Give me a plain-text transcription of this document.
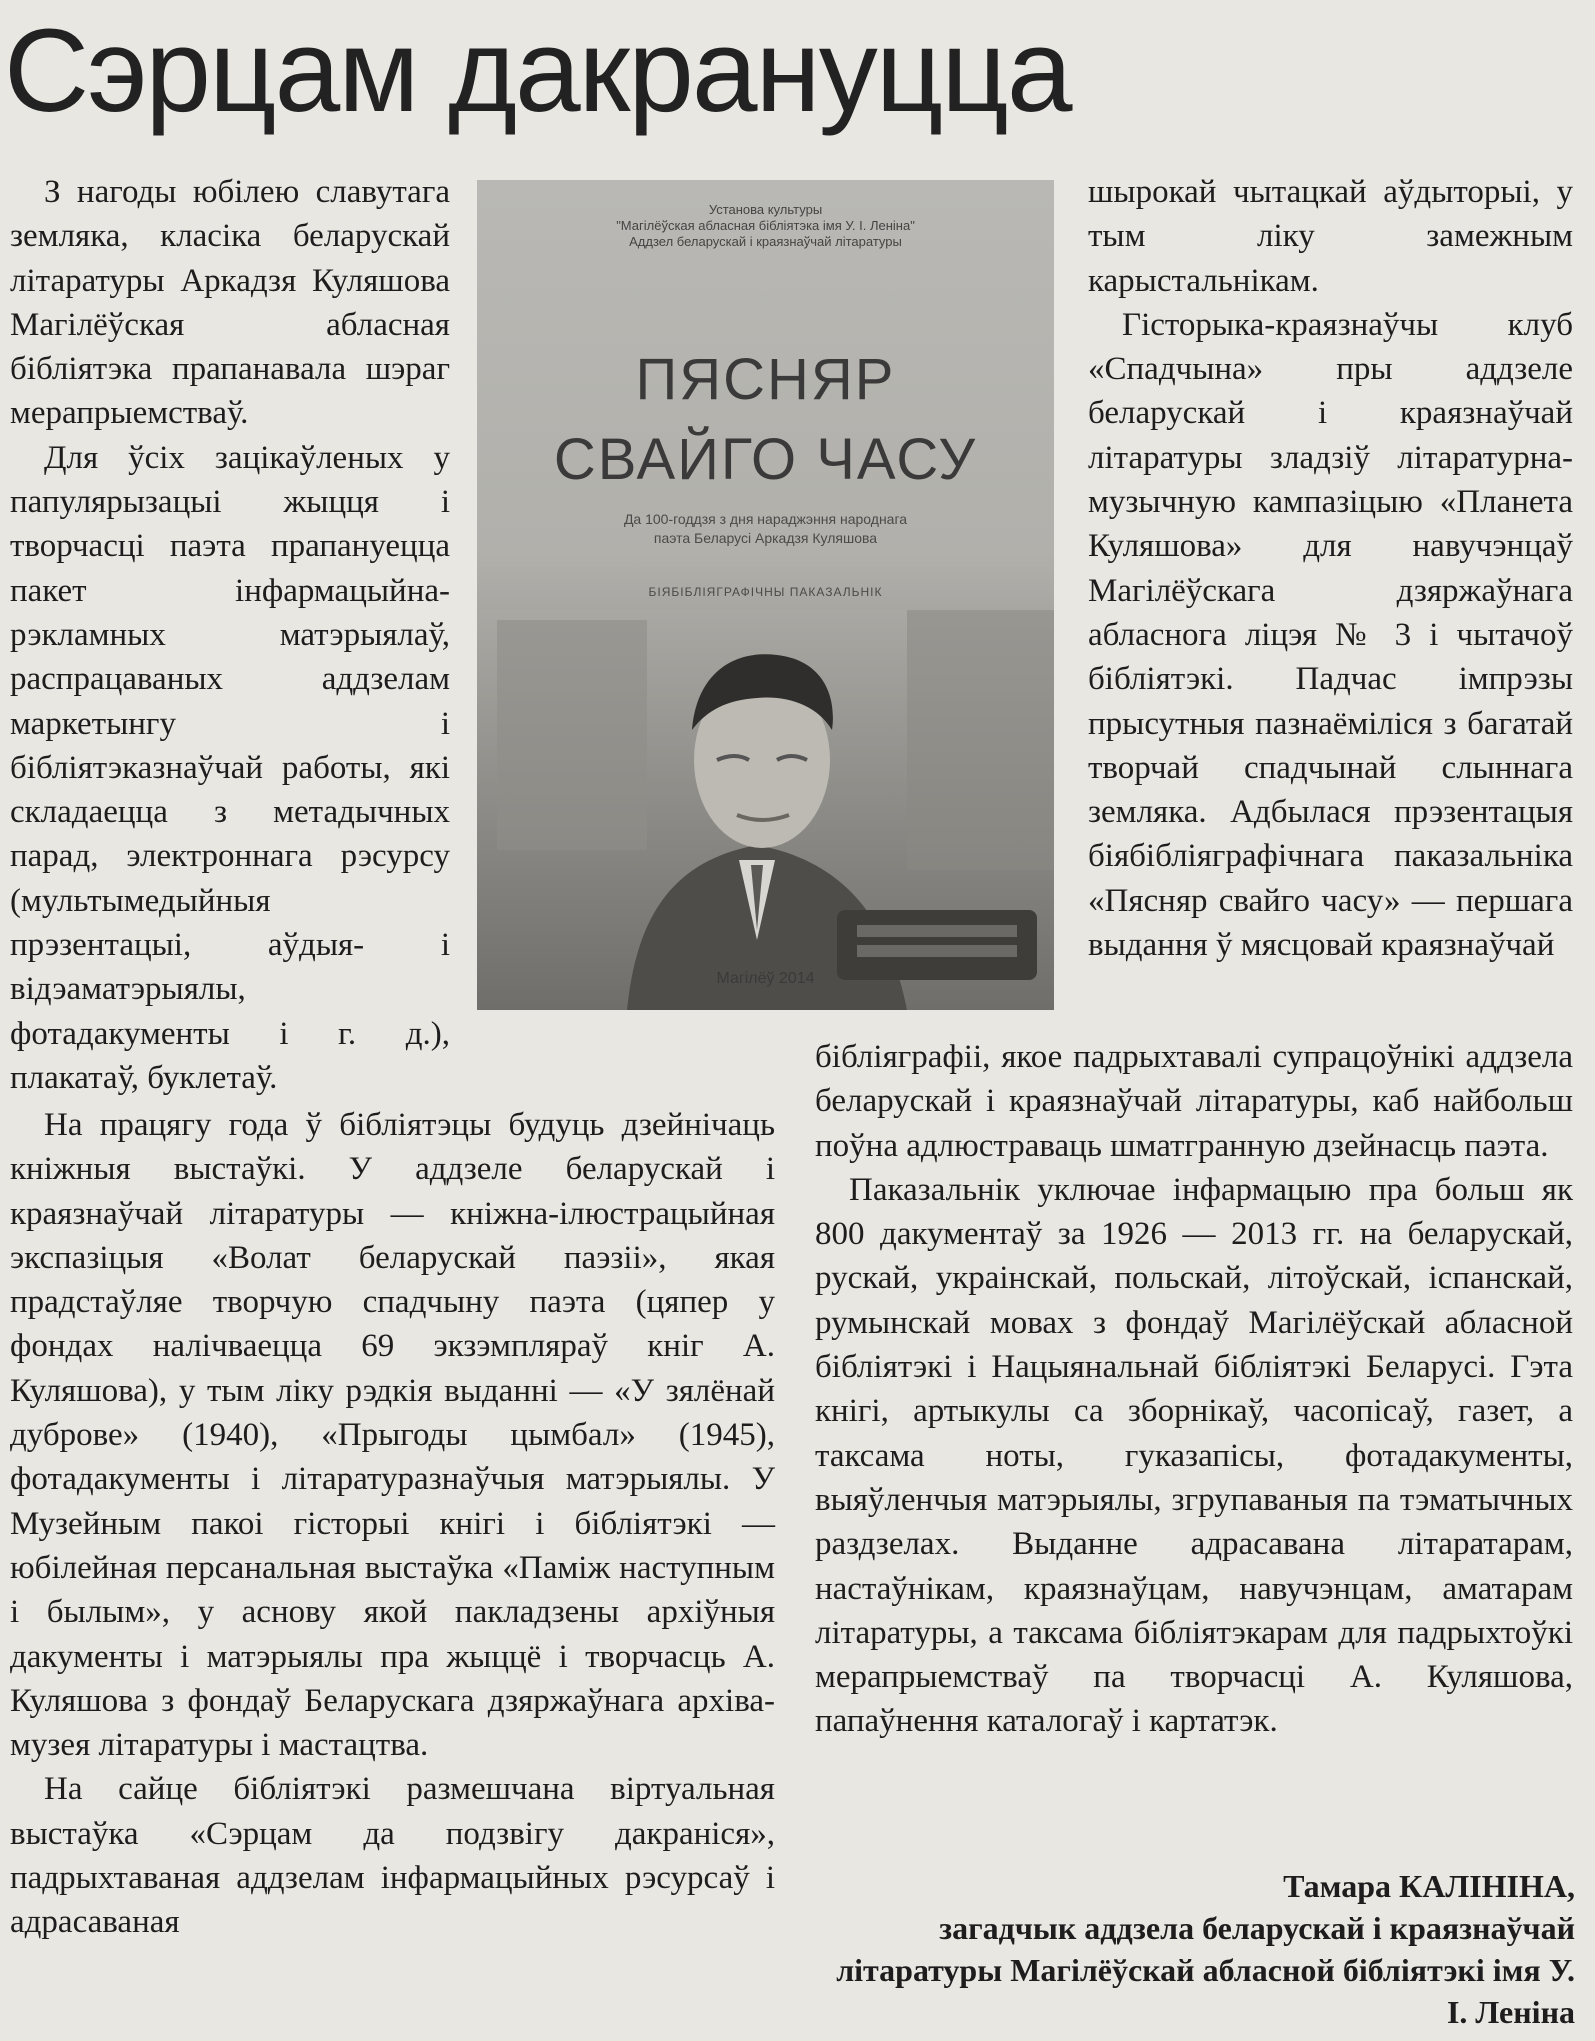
Сэрцам дакрануцца

З нагоды юбілею славутага земляка, класіка беларускай літаратуры Аркадзя Куляшова Магілёўская абласная бібліятэка прапанавала шэраг мерапрыемстваў.

Для ўсіх зацікаўленых у папулярызацыі жыцця і творчасці паэта прапануецца пакет інфармацыйна-рэкламных матэрыялаў, распрацаваных аддзелам маркетынгу і бібліятэказнаўчай работы, які складаецца з метадычных парад, электроннага рэсурсу (мультымедыйныя прэзентацыі, аўдыя- і відэаматэрыялы, фотадакументы і г. д.), плакатаў, буклетаў.

Установа культуры
"Магілёўская абласная бібліятэка імя У. І. Леніна"
Аддзел беларускай і краязнаўчай літаратуры
ПЯСНЯР
СВАЙГО ЧАСУ
Да 100-годдзя з дня нараджэння народнага
паэта Беларусі Аркадзя Куляшова
БІЯБІБЛІЯГРАФІЧНЫ ПАКАЗАЛЬНІК
Магілёў 2014

шырокай чытацкай аўдыторыі, у тым ліку замежным карыстальнікам.

Гісторыка-краязнаўчы клуб «Спадчына» пры аддзеле беларускай і краязнаўчай літаратуры зладзіў літаратурна-музычную кампазіцыю «Планета Куляшова» для навучэнцаў Магілёўскага дзяржаўнага абласнога ліцэя № 3 і чытачоў бібліятэкі. Падчас імпрэзы прысутныя пазнаёміліся з багатай творчай спадчынай слыннага земляка. Адбылася прэзентацыя біябібліяграфічнага паказальніка «Пясняр свайго часу» — першага выдання ў мясцовай краязнаўчай

бібліяграфіі, якое падрыхтавалі супрацоўнікі аддзела беларускай і краязнаўчай літаратуры, каб найбольш поўна адлюстраваць шматгранную дзейнасць паэта.

Паказальнік уключае інфармацыю пра больш як 800 дакументаў за 1926 — 2013 гг. на беларускай, рускай, украінскай, польскай, літоўскай, іспанскай, румынскай мовах з фондаў Магілёўскай абласной бібліятэкі і Нацыянальнай бібліятэкі Беларусі. Гэта кнігі, артыкулы са зборнікаў, часопісаў, газет, а таксама ноты, гуказапісы, фотадакументы, выяўленчыя матэрыялы, згрупаваныя па тэматычных раздзелах. Выданне адрасавана літаратарам, настаўнікам, краязнаўцам, навучэнцам, аматарам літаратуры, а таксама бібліятэкарам для падрыхтоўкі мерапрыемстваў па творчасці А. Куляшова, папаўнення каталогаў і картатэк.

На працягу года ў бібліятэцы будуць дзейнічаць кніжныя выстаўкі. У аддзеле беларускай і краязнаўчай літаратуры — кніжна-ілюстрацыйная экспазіцыя «Волат беларускай паэзіі», якая прадстаўляе творчую спадчыну паэта (цяпер у фондах налічваецца 69 экзэмпляраў кніг А. Куляшова), у тым ліку рэдкія выданні — «У зялёнай дуброве» (1940), «Прыгоды цымбал» (1945), фотадакументы і літаратуразнаўчыя матэрыялы. У Музейным пакоі гісторыі кнігі і бібліятэкі — юбілейная персанальная выстаўка «Паміж наступным і былым», у аснову якой пакладзены архіўныя дакументы і матэрыялы пра жыццё і творчасць А. Куляшова з фондаў Беларускага дзяржаўнага архіва-музея літаратуры і мастацтва.

На сайце бібліятэкі размешчана віртуальная выстаўка «Сэрцам да подзвігу дакраніся», падрыхтаваная аддзелам інфармацыйных рэсурсаў і адрасаваная

Тамара КАЛІНІНА,

загадчык аддзела беларускай і краязнаўчай літаратуры Магілёўскай абласной бібліятэкі імя У. І. Леніна
